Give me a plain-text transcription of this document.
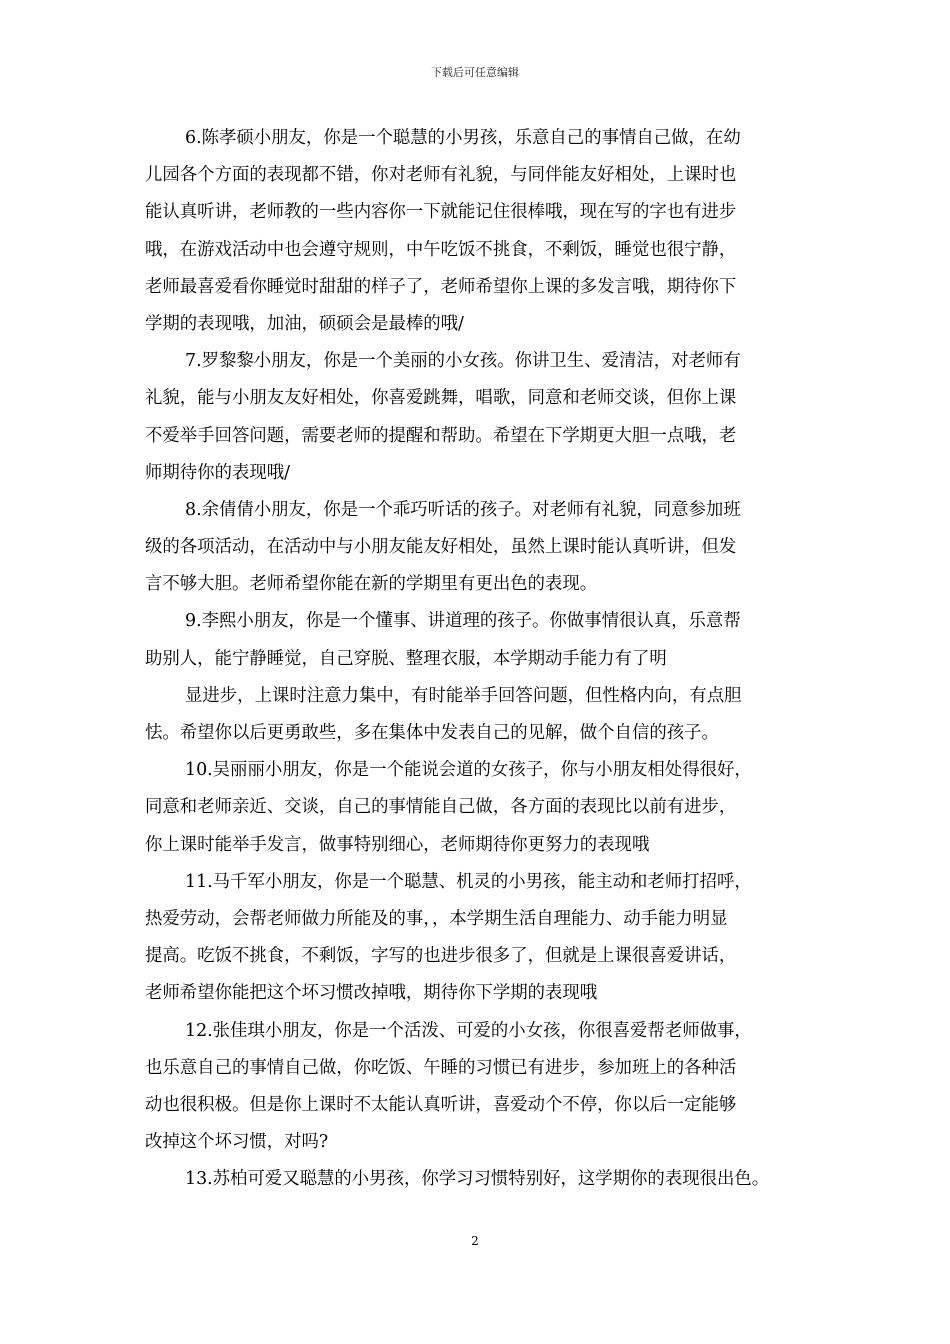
下载后可任意编辑
6.陈孝硕小朋友，你是一个聪慧的小男孩，乐意自己的事情自己做，在幼
儿园各个方面的表现都不错，你对老师有礼貌，与同伴能友好相处，上课时也
能认真听讲，老师教的一些内容你一下就能记住很棒哦，现在写的字也有进步
哦，在游戏活动中也会遵守规则，中午吃饭不挑食，不剩饭，睡觉也很宁静，
老师最喜爱看你睡觉时甜甜的样子了，老师希望你上课的多发言哦，期待你下
学期的表现哦，加油，硕硕会是最棒的哦/
7.罗黎黎小朋友，你是一个美丽的小女孩。你讲卫生、爱清洁，对老师有
礼貌，能与小朋友友好相处，你喜爱跳舞，唱歌，同意和老师交谈，但你上课
不爱举手回答问题，需要老师的提醒和帮助。希望在下学期更大胆一点哦，老
师期待你的表现哦/
8.余倩倩小朋友，你是一个乖巧听话的孩子。对老师有礼貌，同意参加班
级的各项活动，在活动中与小朋友能友好相处，虽然上课时能认真听讲，但发
言不够大胆。老师希望你能在新的学期里有更出色的表现。
9.李熙小朋友，你是一个懂事、讲道理的孩子。你做事情很认真，乐意帮
助别人，能宁静睡觉，自己穿脱、整理衣服，本学期动手能力有了明
显进步，上课时注意力集中，有时能举手回答问题，但性格内向，有点胆
怯。希望你以后更勇敢些，多在集体中发表自己的见解，做个自信的孩子。
10.吴丽丽小朋友，你是一个能说会道的女孩子，你与小朋友相处得很好，
同意和老师亲近、交谈，自己的事情能自己做，各方面的表现比以前有进步，
你上课时能举手发言，做事特别细心，老师期待你更努力的表现哦
11.马千军小朋友，你是一个聪慧、机灵的小男孩，能主动和老师打招呼，
热爱劳动，会帮老师做力所能及的事，，本学期生活自理能力、动手能力明显
提高。吃饭不挑食，不剩饭，字写的也进步很多了，但就是上课很喜爱讲话，
老师希望你能把这个坏习惯改掉哦，期待你下学期的表现哦
12.张佳琪小朋友，你是一个活泼、可爱的小女孩，你很喜爱帮老师做事，
也乐意自己的事情自己做，你吃饭、午睡的习惯已有进步，参加班上的各种活
动也很积极。但是你上课时不太能认真听讲，喜爱动个不停，你以后一定能够
改掉这个坏习惯，对吗?
13.苏柏可爱又聪慧的小男孩，你学习习惯特别好，这学期你的表现很出色。
2
